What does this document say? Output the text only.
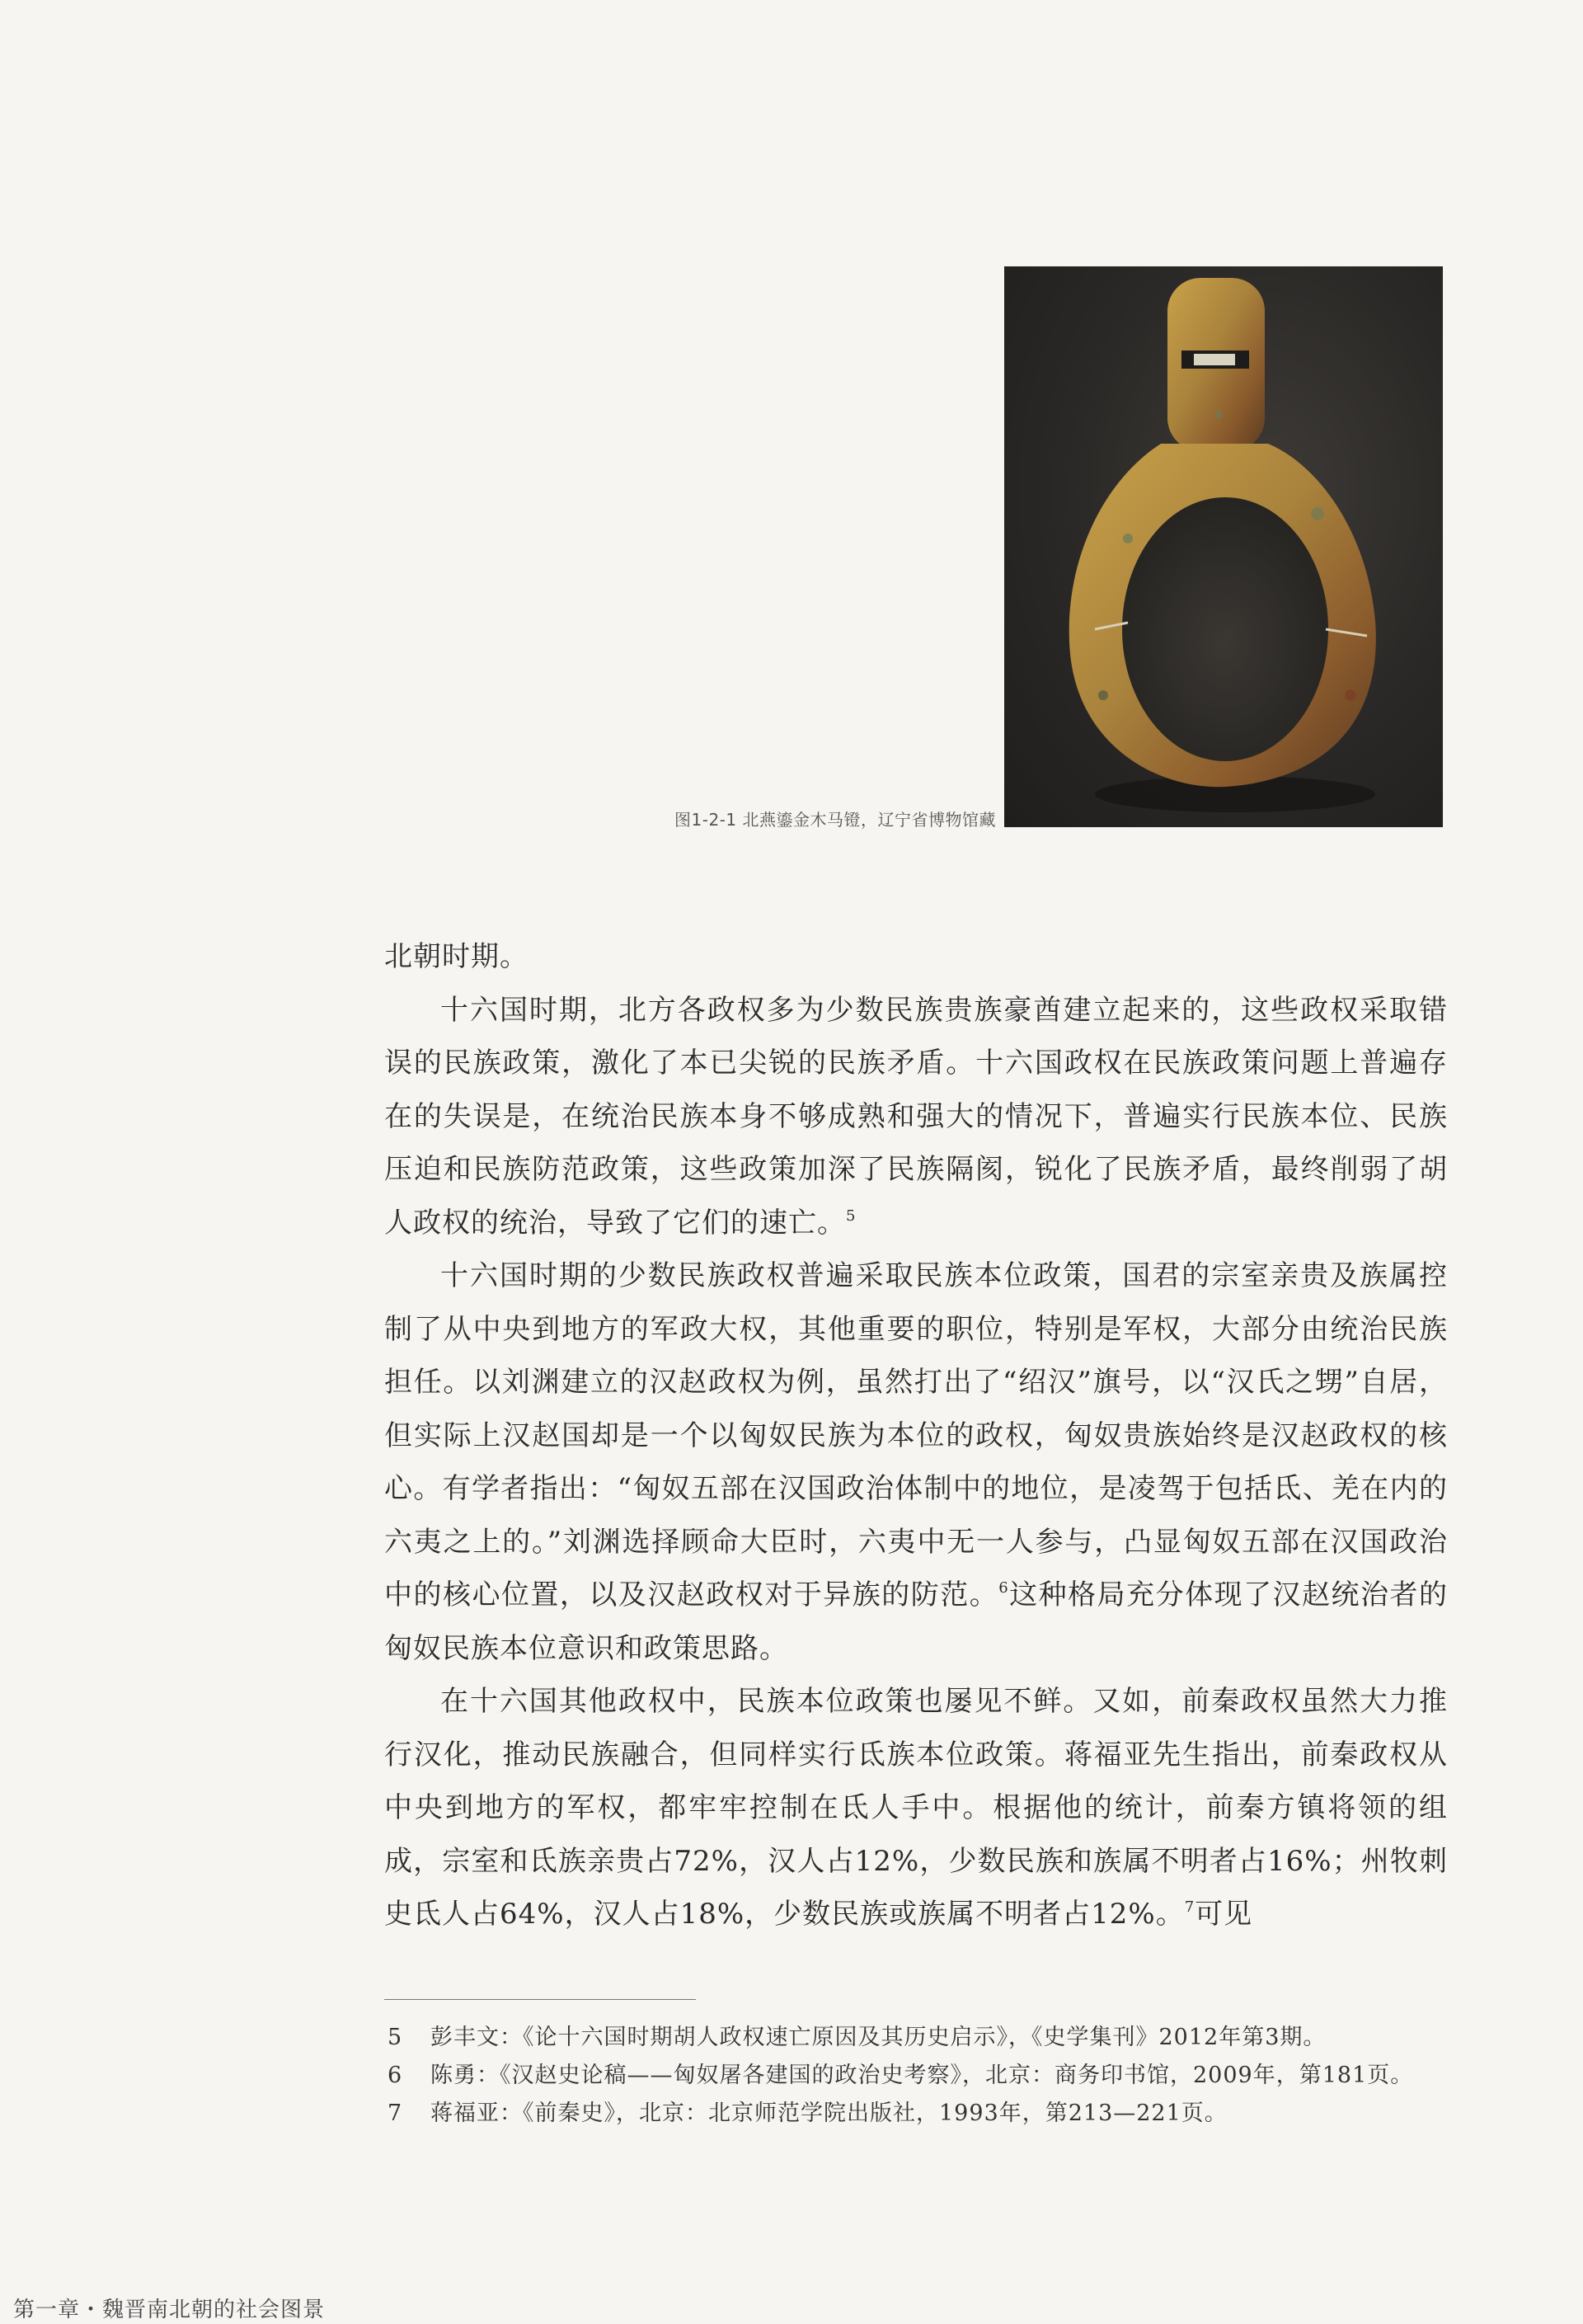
图1-2-1 北燕鎏金木马镫，辽宁省博物馆藏

北朝时期。

十六国时期，北方各政权多为少数民族贵族豪酋建立起来的，这些政权采取错误的民族政策，激化了本已尖锐的民族矛盾。十六国政权在民族政策问题上普遍存在的失误是，在统治民族本身不够成熟和强大的情况下，普遍实行民族本位、民族压迫和民族防范政策，这些政策加深了民族隔阂，锐化了民族矛盾，最终削弱了胡人政权的统治，导致了它们的速亡。$^5$

十六国时期的少数民族政权普遍采取民族本位政策，国君的宗室亲贵及族属控制了从中央到地方的军政大权，其他重要的职位，特别是军权，大部分由统治民族担任。以刘渊建立的汉赵政权为例，虽然打出了“绍汉”旗号，以“汉氏之甥”自居，但实际上汉赵国却是一个以匈奴民族为本位的政权，匈奴贵族始终是汉赵政权的核心。有学者指出：“匈奴五部在汉国政治体制中的地位，是凌驾于包括氐、羌在内的六夷之上的。”刘渊选择顾命大臣时，六夷中无一人参与，凸显匈奴五部在汉国政治中的核心位置，以及汉赵政权对于异族的防范。$^6$这种格局充分体现了汉赵统治者的匈奴民族本位意识和政策思路。

在十六国其他政权中，民族本位政策也屡见不鲜。又如，前秦政权虽然大力推行汉化，推动民族融合，但同样实行氐族本位政策。蒋福亚先生指出，前秦政权从中央到地方的军权，都牢牢控制在氐人手中。根据他的统计，前秦方镇将领的组成，宗室和氐族亲贵占72%，汉人占12%，少数民族和族属不明者占16%；州牧刺史氐人占64%，汉人占18%，少数民族或族属不明者占12%。$^7$可见

5 彭丰文：《论十六国时期胡人政权速亡原因及其历史启示》，《史学集刊》2012年第3期。
6 陈勇：《汉赵史论稿——匈奴屠各建国的政治史考察》，北京：商务印书馆，2009年，第181页。
7 蒋福亚：《前秦史》，北京：北京师范学院出版社，1993年，第213—221页。
第一章・魏晋南北朝的社会图景
